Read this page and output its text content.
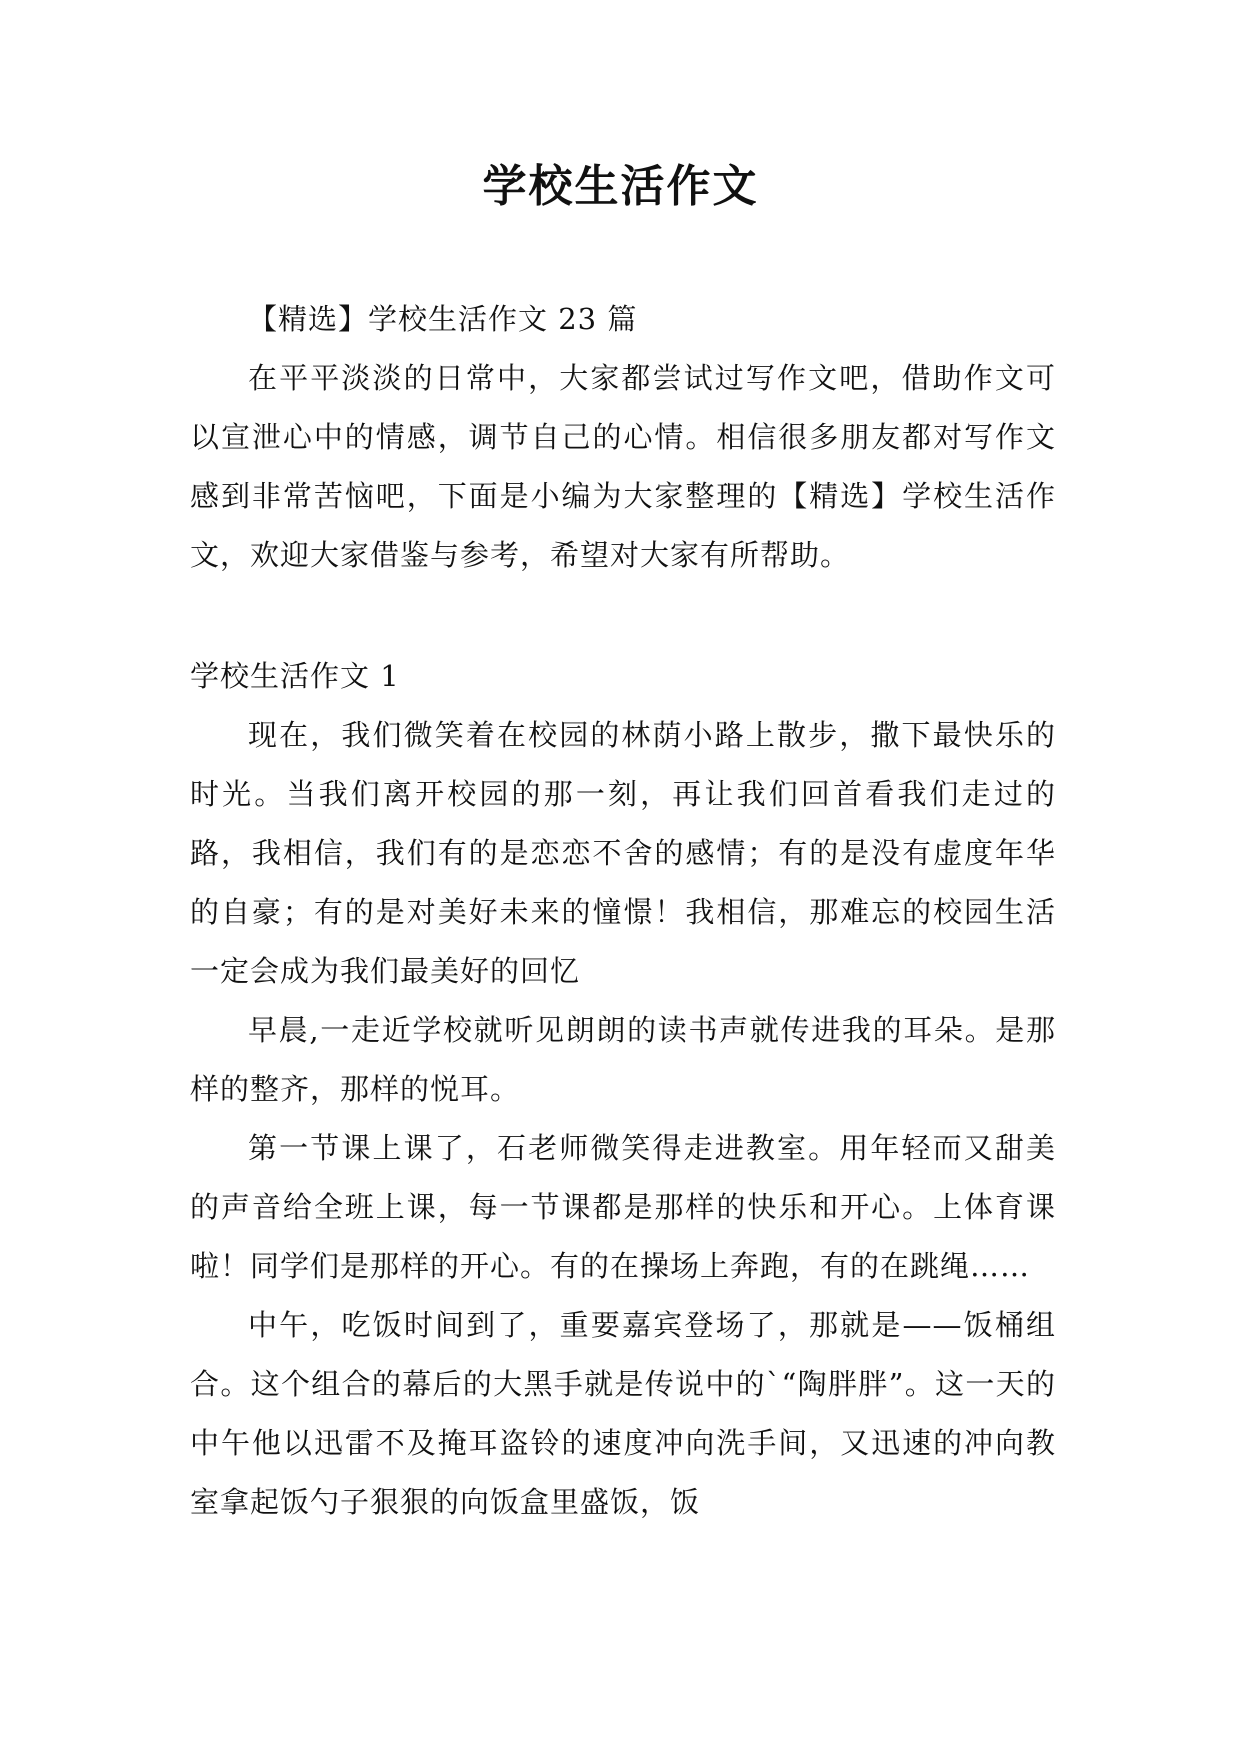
学校生活作文

【精选】学校生活作文 23 篇

在平平淡淡的日常中，大家都尝试过写作文吧，借助作文可以宣泄心中的情感，调节自己的心情。相信很多朋友都对写作文感到非常苦恼吧，下面是小编为大家整理的【精选】学校生活作文，欢迎大家借鉴与参考，希望对大家有所帮助。

学校生活作文 1

现在，我们微笑着在校园的林荫小路上散步，撒下最快乐的时光。当我们离开校园的那一刻，再让我们回首看我们走过的路，我相信，我们有的是恋恋不舍的感情；有的是没有虚度年华的自豪；有的是对美好未来的憧憬！我相信，那难忘的校园生活一定会成为我们最美好的回忆

早晨,一走近学校就听见朗朗的读书声就传进我的耳朵。是那样的整齐，那样的悦耳。

第一节课上课了，石老师微笑得走进教室。用年轻而又甜美的声音给全班上课，每一节课都是那样的快乐和开心。上体育课啦！同学们是那样的开心。有的在操场上奔跑，有的在跳绳……

中午，吃饭时间到了，重要嘉宾登场了，那就是——饭桶组合。这个组合的幕后的大黑手就是传说中的`“陶胖胖”。这一天的中午他以迅雷不及掩耳盗铃的速度冲向洗手间，又迅速的冲向教室拿起饭勺子狠狠的向饭盒里盛饭，饭
